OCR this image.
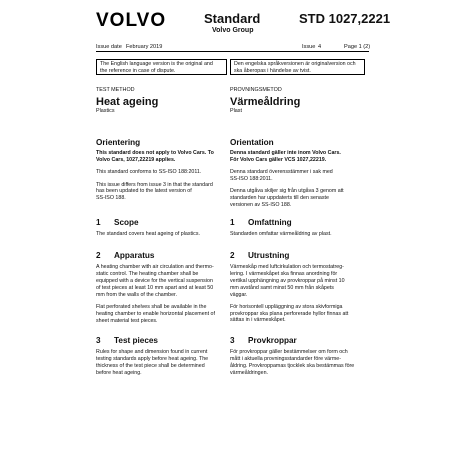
VOLVO	Standard
Volvo Group
STD 1027,2221
Issue date February 2019	Issue 4	Page 1 (2)
The English language version is the original and
the reference in case of dispute.
Den engelska språkversionen är originalversion och
ska åberopas i händelse av tvist.
TEST METHOD
Heat ageing
Plastics
Orientering
This standard does not apply to Volvo Cars. To
Volvo Cars, 1027,22219 applies.
This standard conforms to SS-ISO 188:2011.
This issue differs from issue 3 in that the standard
has been updated to the latest version of
SS-ISO 188.
1	Scope
The standard covers heat ageing of plastics.
2	Apparatus
A heating chamber with air circulation and thermo-
static control. The heating chamber shall be
equipped with a device for the vertical suspension
of test pieces at least 10 mm apart and at least 50
mm from the walls of the chamber.
Flat perforated shelves shall be available in the
heating chamber to enable horizontal placement of
sheet material test pieces.
3	Test pieces
Rules for shape and dimension found in current
testing standards apply before heat ageing. The
thickness of the test piece shall be determined
before heat ageing.
PROVNINGSMETOD
Värmeåldring
Plast
Orientation
Denna standard gäller inte inom Volvo Cars.
För Volvo Cars gäller VCS 1027,22219.
Denna standard överensstämmer i sak med
SS-ISO 188:2011.
Denna utgåva skiljer sig från utgåva 3 genom att
standarden har uppdaterts till den senaste
versionen av SS-ISO 188.
1	Omfattning
Standarden omfattar värmeåldring av plast.
2	Utrustning
Värmeskåp med luftcirkulation och termostatreg-
lering. I värmeskåpet ska finnas anordning för
vertikal upphängning av provkroppar på minst 10
mm avstånd samt minst 50 mm från skåpets
väggar.
För horisontell uppläggning av stora skivformiga
provkroppar ska plana perforerade hyllor finnas att
sättas in i värmeskåpet.
3	Provkroppar
För provkroppar gäller bestämmelser om form och
mått i aktuella provningsstandarder före värme-
åldring. Provkroppamas tjocklek ska bestämmas före
värmeåldringen.
